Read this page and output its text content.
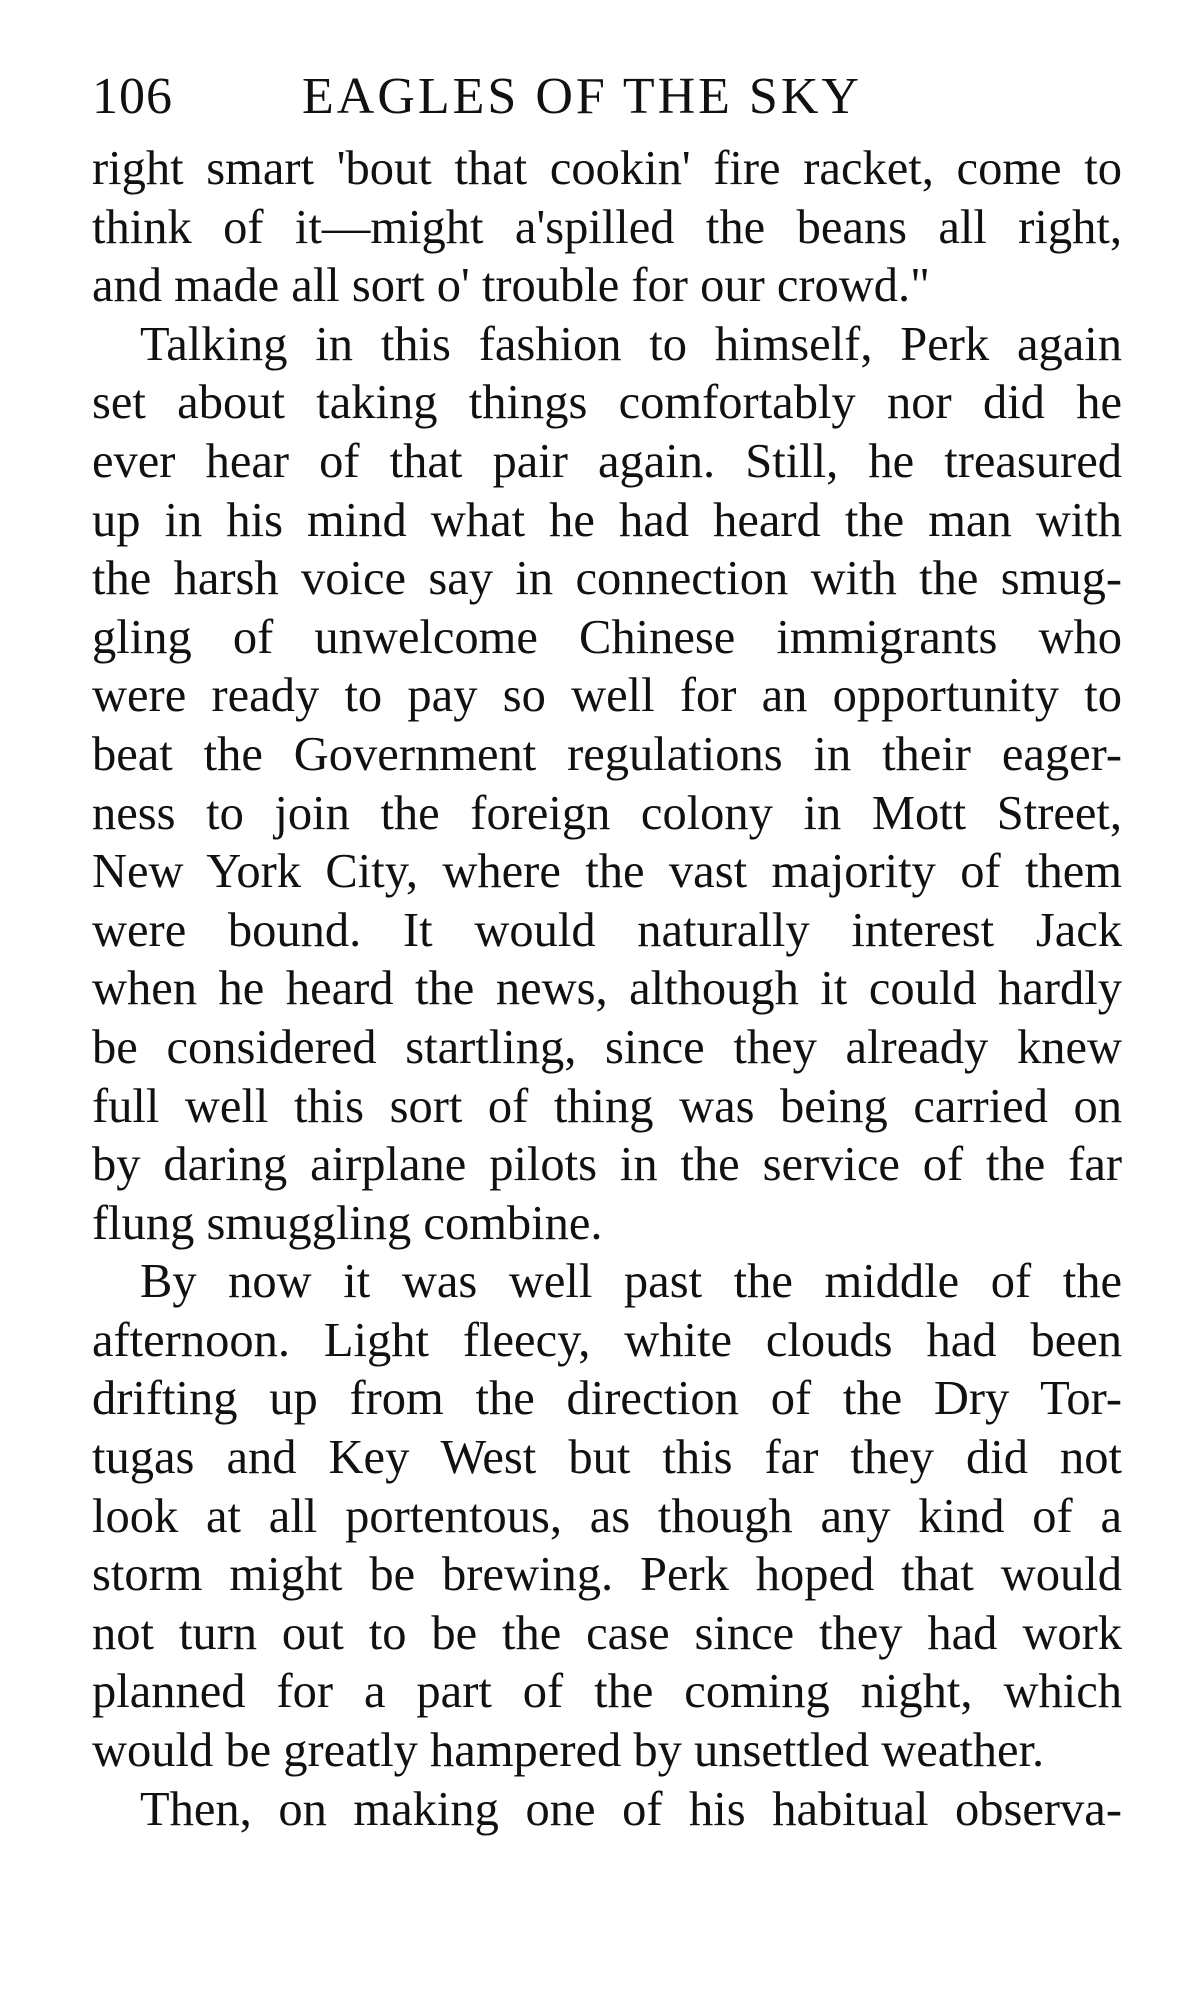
106 EAGLES OF THE SKY
right smart 'bout that cookin' fire racket, come to
think of it—might a'spilled the beans all right,
and made all sort o' trouble for our crowd."
Talking in this fashion to himself, Perk again
set about taking things comfortably nor did he
ever hear of that pair again. Still, he treasured
up in his mind what he had heard the man with
the harsh voice say in connection with the smug-
gling of unwelcome Chinese immigrants who
were ready to pay so well for an opportunity to
beat the Government regulations in their eager-
ness to join the foreign colony in Mott Street,
New York City, where the vast majority of them
were bound. It would naturally interest Jack
when he heard the news, although it could hardly
be considered startling, since they already knew
full well this sort of thing was being carried on
by daring airplane pilots in the service of the far
flung smuggling combine.
By now it was well past the middle of the
afternoon. Light fleecy, white clouds had been
drifting up from the direction of the Dry Tor-
tugas and Key West but this far they did not
look at all portentous, as though any kind of a
storm might be brewing. Perk hoped that would
not turn out to be the case since they had work
planned for a part of the coming night, which
would be greatly hampered by unsettled weather.
Then, on making one of his habitual observa-
